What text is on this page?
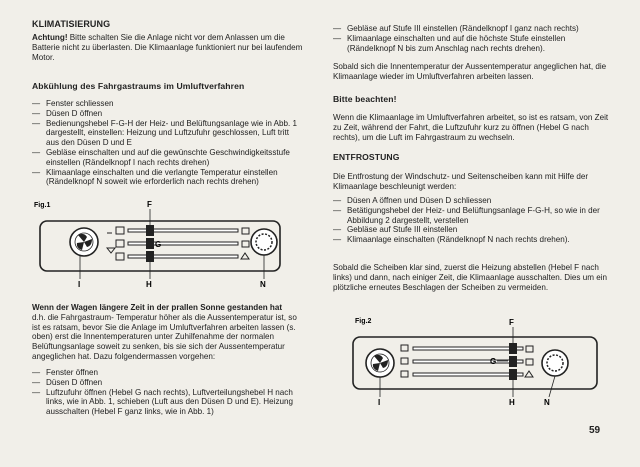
KLIMATISIERUNG
Achtung! Bitte schalten Sie die Anlage nicht vor dem Anlassen um die Batterie nicht zu überlasten. Die Klimaanlage funktioniert nur bei laufendem Motor.
Abkühlung des Fahrgastraums im Umluftverfahren
— Fenster schliessen
— Düsen D öffnen
— Bedienungshebel F-G-H der Heiz- und Belüftungsanlage wie in Abb. 1 dargestellt, einstellen: Heizung und Luftzufuhr geschlossen, Luft tritt aus den Düsen D und E
— Gebläse einschalten und auf die gewünschte Geschwindigkeitsstufe einstellen (Rändelknopf I nach rechts drehen)
— Klimaanlage einschalten und die verlangte Temperatur einstellen (Rändelknopf N soweit wie erforderlich nach rechts drehen)
Fig.1	F
G
I	H	N
Wenn der Wagen längere Zeit in der prallen Sonne gestanden hat
d.h. die Fahrgastraum- Temperatur höher als die Aussentemperatur ist, so ist es ratsam, bevor Sie die Anlage im Umluftverfahren arbeiten lassen (s. oben) erst die Innentemperaturen unter Zuhilfenahme der normalen Belüftungsanlage soweit zu senken, bis sie sich der Aussentemperatur angeglichen hat. Dazu folgendermassen vorgehen:
— Fenster öffnen
— Düsen D öffnen
— Luftzufuhr öffnen (Hebel G nach rechts), Luftverteilungshebel H nach links, wie in Abb. 1, schieben (Luft aus den Düsen D und E). Heizung ausschalten (Hebel F ganz links, wie in Abb. 1)
— Gebläse auf Stufe III einstellen (Rändelknopf I ganz nach rechts)
— Klimaanlage einschalten und auf die höchste Stufe einstellen (Rändelknopf N bis zum Anschlag nach rechts drehen).
Sobald sich die Innentemperatur der Aussentemperatur angeglichen hat, die Klimaanlage wieder im Umluftverfahren arbeiten lassen.
Bitte beachten!
Wenn die Klimaanlage im Umluftverfahren arbeitet, so ist es ratsam, von Zeit zu Zeit, während der Fahrt, die Luftzufuhr kurz zu öffnen (Hebel G nach rechts), um die Luft im Fahrgastraum zu wechseln.
ENTFROSTUNG
Die Entfrostung der Windschutz- und Seitenscheiben kann mit Hilfe der Klimaanlage beschleunigt werden:
— Düsen A öffnen und Düsen D schliessen
— Betätigungshebel der Heiz- und Belüftungsanlage F-G-H, so wie in der Abbildung 2 dargestellt, verstellen
— Gebläse auf Stufe III einstellen
— Klimaanlage einschalten (Rändelknopf N nach rechts drehen).
Sobald die Scheiben klar sind, zuerst die Heizung abstellen (Hebel F nach links) und dann, nach einiger Zeit, die Klimaanlage ausschalten. Dies um ein plötzliche erneutes Beschlagen der Scheiben zu vermeiden.
Fig.2	F
G
I	H	N
59
